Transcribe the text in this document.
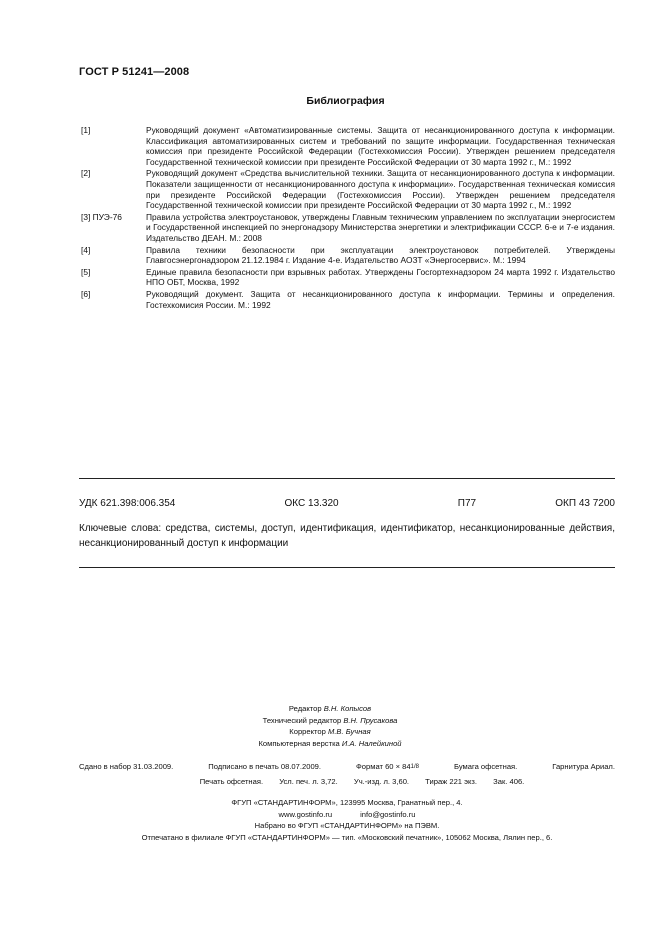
ГОСТ Р 51241—2008
Библиография
[1]	Руководящий документ «Автоматизированные системы. Защита от несанкционированного доступа к информации. Классификация автоматизированных систем и требований по защите информации. Государственная техническая комиссия при президенте Российской Федерации (Гостехкомиссия России). Утвержден решением председателя Государственной технической комиссии при президенте Российской Федерации от 30 марта 1992 г., М.: 1992
[2]	Руководящий документ «Средства вычислительной техники. Защита от несанкционированного доступа к информации. Показатели защищенности от несанкционированного доступа к информации». Государственная техническая комиссия при президенте Российской Федерации (Гостехкомиссия России). Утвержден решением председателя Государственной технической комиссии при президенте Российской Федерации от 30 марта 1992 г., М.: 1992
[3] ПУЭ-76	Правила устройства электроустановок, утверждены Главным техническим управлением по эксплуатации энергосистем и Государственной инспекцией по энергонадзору Министерства энергетики и электрификации СССР. 6-е и 7-е издания. Издательство ДЕАН. М.: 2008
[4]	Правила техники безопасности при эксплуатации электроустановок потребителей. Утверждены Главгосэнергонадзором 21.12.1984 г. Издание 4-е. Издательство АОЗТ «Энергосервис». М.: 1994
[5]	Единые правила безопасности при взрывных работах. Утверждены Госгортехнадзором 24 марта 1992 г. Издательство НПО ОБТ, Москва, 1992
[6]	Руководящий документ. Защита от несанкционированного доступа к информации. Термины и определения. Гостехкомисия России. М.: 1992
УДК 621.398:006.354	ОКС 13.320	П77	ОКП 43 7200
Ключевые слова: средства, системы, доступ, идентификация, идентификатор, несанкционированные действия, несанкционированный доступ к информации
Редактор В.Н. Копысов
Технический редактор В.Н. Прусакова
Корректор М.В. Бучная
Компьютерная верстка И.А. Налейкиной
Сдано в набор 31.03.2009.	Подписано в печать 08.07.2009.	Формат 60 × 841/8	Бумага офсетная.	Гарнитура Ариал.
Печать офсетная. Усл. печ. л. 3,72. Уч.-изд. л. 3,60. Тираж 221 экз. Зак. 406.
ФГУП «СТАНДАРТИНФОРМ», 123995 Москва, Гранатный пер., 4.
www.gostinfo.ru	info@gostinfo.ru
Набрано во ФГУП «СТАНДАРТИНФОРМ» на ПЭВМ.
Отпечатано в филиале ФГУП «СТАНДАРТИНФОРМ» — тип. «Московский печатник», 105062 Москва, Лялин пер., 6.
